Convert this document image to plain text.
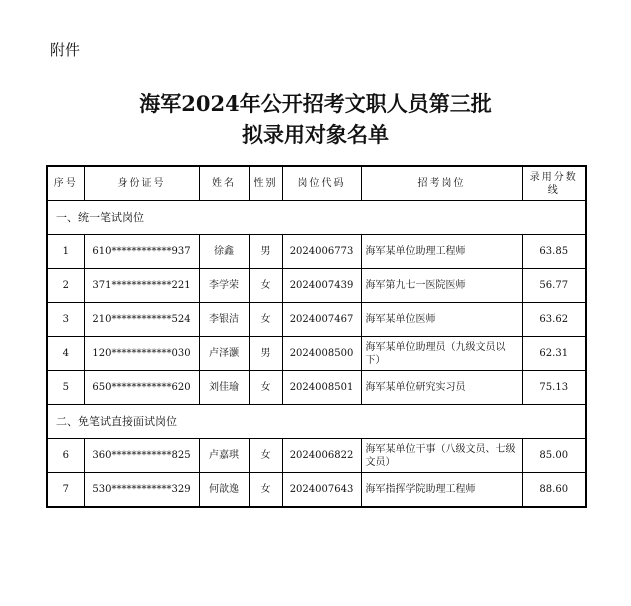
附件
海军2024年公开招考文职人员第三批
拟录用对象名单
序号	身份证号	姓名	性别	岗位代码	招考岗位	录用分数线
一、统一笔试岗位						
1	610************937	徐鑫	男	2024006773	海军某单位助理工程师	63.85
2	371************221	李学荣	女	2024007439	海军第九七一医院医师	56.77
3	210************524	李银洁	女	2024007467	海军某单位医师	63.62
4	120************030	卢泽灏	男	2024008500	海军某单位助理员（九级文员以下）	62.31
5	650************620	刘佳瑜	女	2024008501	海军某单位研究实习员	75.13
二、免笔试直接面试岗位						
6	360************825	卢嘉琪	女	2024006822	海军某单位干事（八级文员、七级文员）	85.00
7	530************329	何歆逸	女	2024007643	海军指挥学院助理工程师	88.60
